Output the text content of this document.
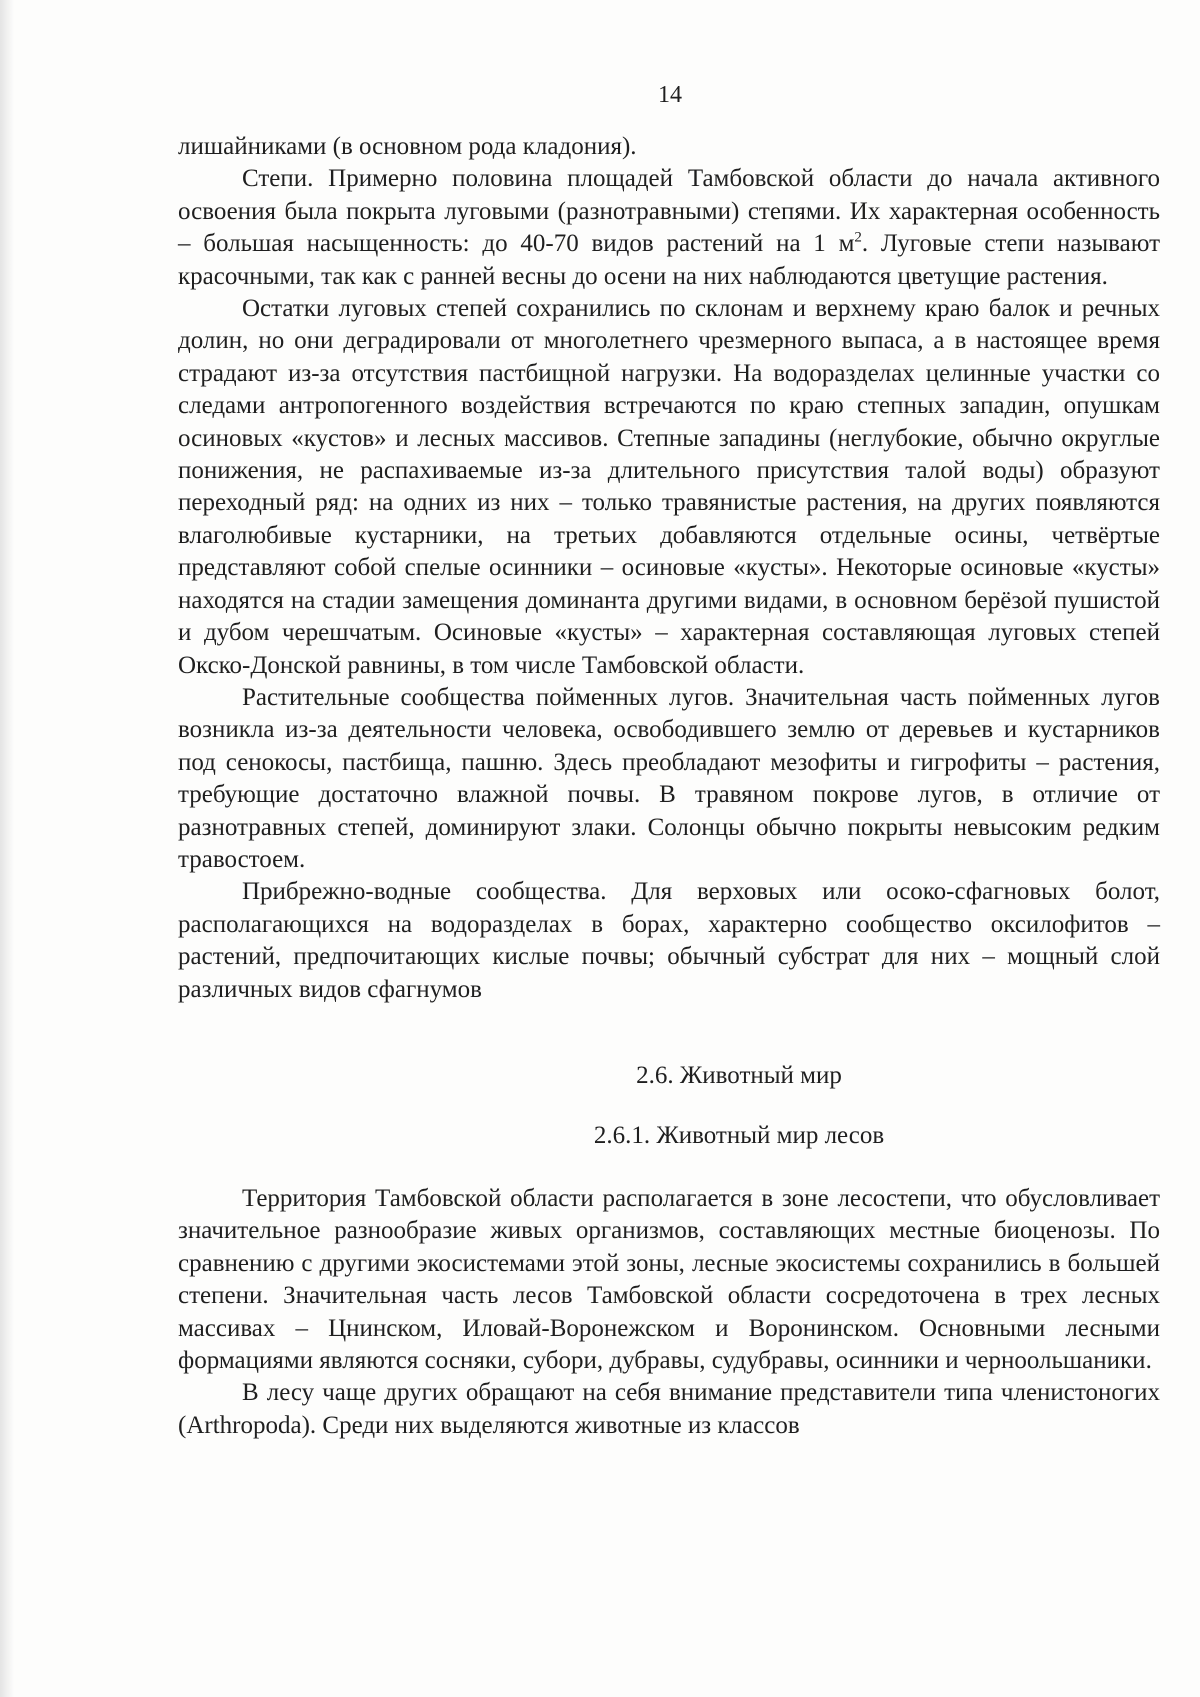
14

лишайниками (в основном рода кладония).

Степи. Примерно половина площадей Тамбовской области до начала активного освоения была покрыта луговыми (разнотравными) степями. Их характерная особенность – большая насыщенность: до 40-70 видов растений на 1 $м^2$. Луговые степи называют красочными, так как с ранней весны до осени на них наблюдаются цветущие растения.

Остатки луговых степей сохранились по склонам и верхнему краю балок и речных долин, но они деградировали от многолетнего чрезмерного выпаса, а в настоящее время страдают из-за отсутствия пастбищной нагрузки. На водоразделах целинные участки со следами антропогенного воздействия встречаются по краю степных западин, опушкам осиновых «кустов» и лесных массивов. Степные западины (неглубокие, обычно округлые понижения, не распахиваемые из-за длительного присутствия талой воды) образуют переходный ряд: на одних из них – только травянистые растения, на других появляются влаголюбивые кустарники, на третьих добавляются отдельные осины, четвёртые представляют собой спелые осинники – осиновые «кусты». Некоторые осиновые «кусты» находятся на стадии замещения доминанта другими видами, в основном берёзой пушистой и дубом черешчатым. Осиновые «кусты» – характерная составляющая луговых степей Окско-Донской равнины, в том числе Тамбовской области.

Растительные сообщества пойменных лугов. Значительная часть пойменных лугов возникла из-за деятельности человека, освободившего землю от деревьев и кустарников под сенокосы, пастбища, пашню. Здесь преобладают мезофиты и гигрофиты – растения, требующие достаточно влажной почвы. В травяном покрове лугов, в отличие от разнотравных степей, доминируют злаки. Солонцы обычно покрыты невысоким редким травостоем.

Прибрежно-водные сообщества. Для верховых или осоко-сфагновых болот, располагающихся на водоразделах в борах, характерно сообщество оксилофитов – растений, предпочитающих кислые почвы; обычный субстрат для них – мощный слой различных видов сфагнумов

2.6. Животный мир
2.6.1. Животный мир лесов

Территория Тамбовской области располагается в зоне лесостепи, что обусловливает значительное разнообразие живых организмов, составляющих местные биоценозы. По сравнению с другими экосистемами этой зоны, лесные экосистемы сохранились в большей степени. Значительная часть лесов Тамбовской области сосредоточена в трех лесных массивах – Цнинском, Иловай-Воронежском и Воронинском. Основными лесными формациями являются сосняки, субори, дубравы, судубравы, осинники и черноольшаники.

В лесу чаще других обращают на себя внимание представители типа членистоногих (Arthropoda). Среди них выделяются животные из классов
